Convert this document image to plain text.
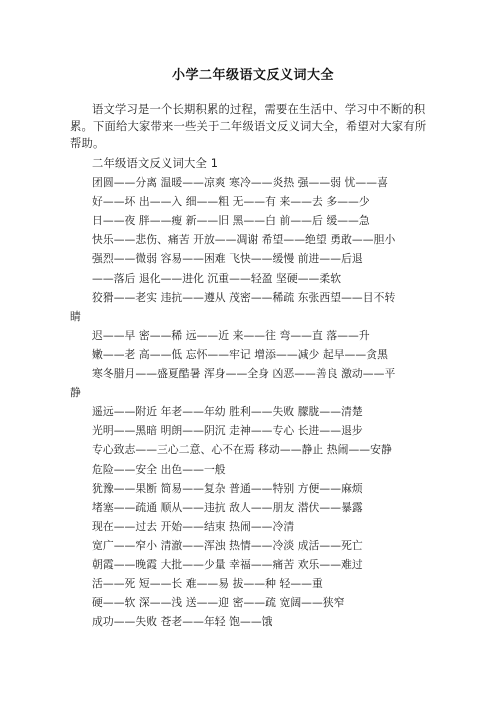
小学二年级语文反义词大全
语文学习是一个长期积累的过程，需要在生活中、学习中不断的积累。下面给大家带来一些关于二年级语文反义词大全，希望对大家有所帮助。
二年级语文反义词大全 1
团圆——分离 温暖——凉爽 寒冷——炎热 强——弱 忧——喜
好——坏 出——入 细——粗 无——有 来——去 多——少
日——夜 胖——瘦 新——旧 黑——白 前——后 缓——急
快乐——悲伤、痛苦 开放——凋谢 希望——绝望 勇敢——胆小
强烈——微弱 容易——困难 飞快——缓慢 前进——后退
——落后 退化——进化 沉重——轻盈 坚硬——柔软
狡猾——老实 违抗——遵从 茂密——稀疏 东张西望——目不转
睛
迟——早 密——稀 远——近 来——往 弯——直 落——升
嫩——老 高——低 忘怀——牢记 增添——减少 起早——贪黑
寒冬腊月——盛夏酷暑 浑身——全身 凶恶——善良 激动——平
静
遥远——附近 年老——年幼 胜利——失败 朦胧——清楚
光明——黑暗 明朗——阴沉 走神——专心 长进——退步
专心致志——三心二意、心不在焉 移动——静止 热闹——安静
危险——安全 出色——一般
犹豫——果断 简易——复杂 普通——特别 方便——麻烦
堵塞——疏通 顺从——违抗 敌人——朋友 潜伏——暴露
现在——过去 开始——结束 热闹——冷清
宽广——窄小 清澈——浑浊 热情——冷淡 成活——死亡
朝霞——晚霞 大批——少量 幸福——痛苦 欢乐——难过
活——死 短——长 难——易 拔——种 轻——重
硬——软 深——浅 送——迎 密——疏 宽阔——狭窄
成功——失败 苍老——年轻 饱——饿
